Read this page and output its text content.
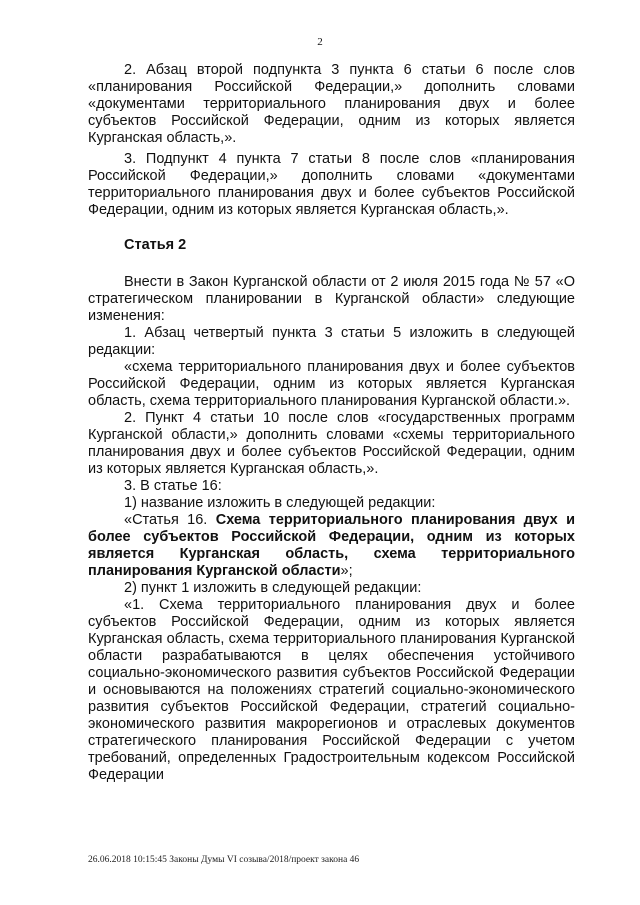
2

2. Абзац второй подпункта 3 пункта 6 статьи 6 после слов «планирования Российской Федерации,» дополнить словами «документами территориального планирования двух и более субъектов Российской Федерации, одним из которых является Курганская область,».

3. Подпункт 4 пункта 7 статьи 8 после слов «планирования Российской Федерации,» дополнить словами «документами территориального планирования двух и более субъектов Российской Федерации, одним из которых является Курганская область,».

Статья 2

Внести в Закон Курганской области от 2 июля 2015 года № 57 «О стратегическом планировании в Курганской области» следующие изменения:

1. Абзац четвертый пункта 3 статьи 5 изложить в следующей редакции:

«схема территориального планирования двух и более субъектов Российской Федерации, одним из которых является Курганская область, схема территориального планирования Курганской области.».

2. Пункт 4 статьи 10 после слов «государственных программ Курганской области,» дополнить словами «схемы территориального планирования двух и более субъектов Российской Федерации, одним из которых является Курганская область,».

3. В статье 16:

1) название изложить в следующей редакции:

«Статья 16. Схема территориального планирования двух и более субъектов Российской Федерации, одним из которых является Курганская область, схема территориального планирования Курганской области»;

2) пункт 1 изложить в следующей редакции:

«1. Схема территориального планирования двух и более субъектов Российской Федерации, одним из которых является Курганская область, схема территориального планирования Курганской области разрабатываются в целях обеспечения устойчивого социально-экономического развития субъектов Российской Федерации и основываются на положениях стратегий социально-экономического развития субъектов Российской Федерации, стратегий социально-экономического развития макрорегионов и отраслевых документов стратегического планирования Российской Федерации с учетом требований, определенных Градостроительным кодексом Российской Федерации

26.06.2018 10:15:45 Законы Думы VI созыва/2018/проект закона 46
